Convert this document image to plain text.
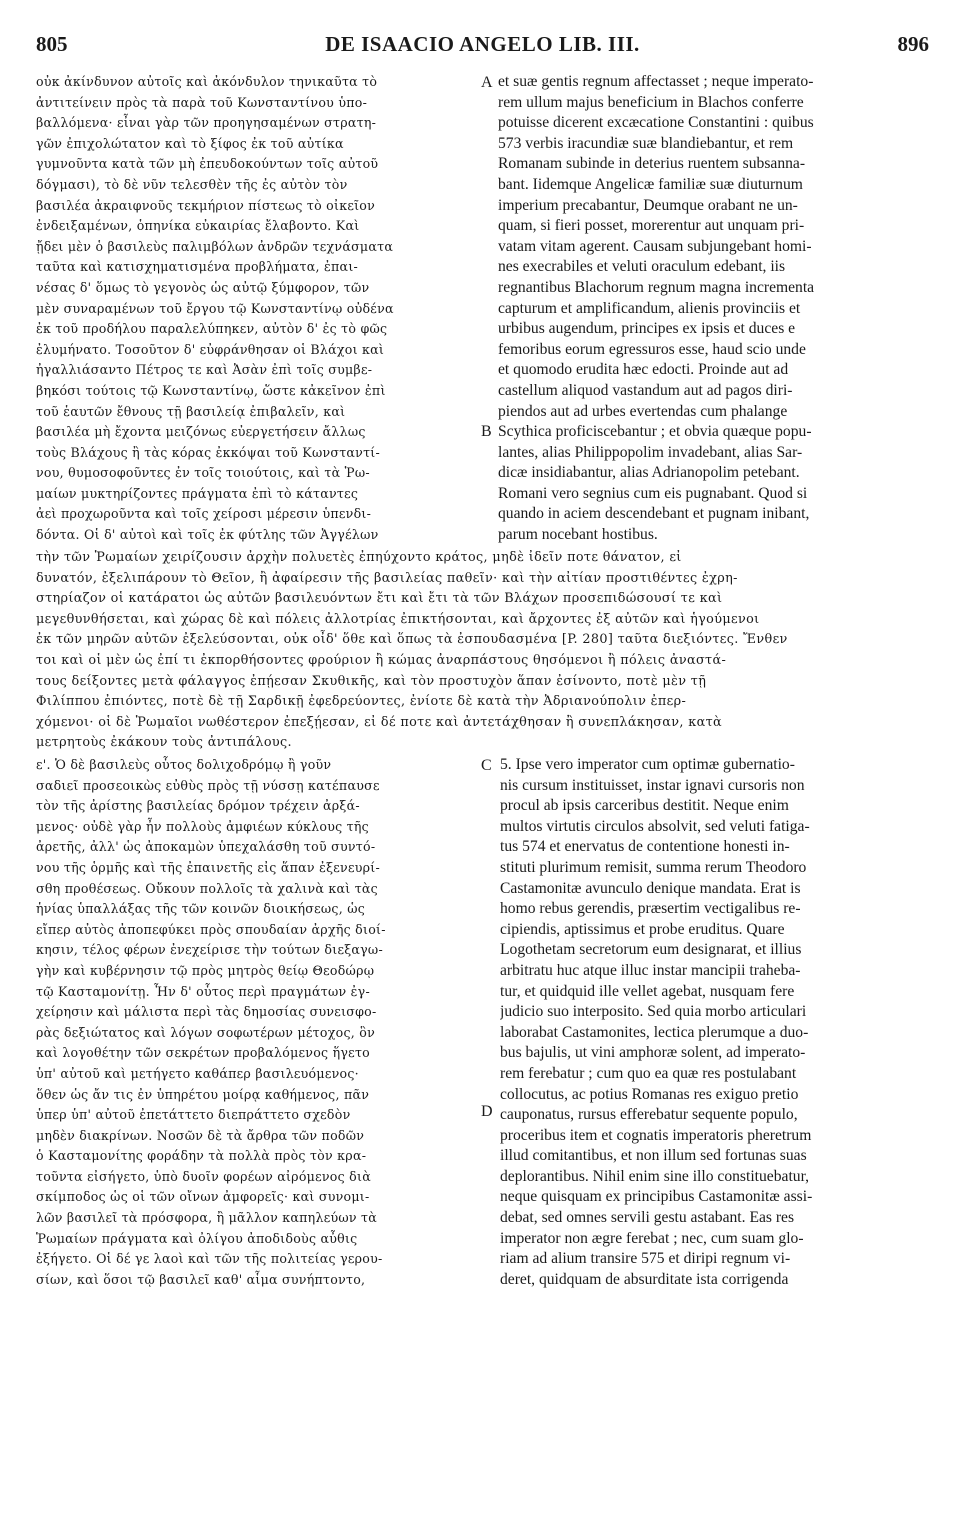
805	DE ISAACIO ANGELO LIB. III.	896
οὐκ ἀκίνδυνον αὐτοῖς καὶ ἀκόνδυλον τηνικαῦτα τὸ
ἀντιτείνειν πρὸς τὰ παρὰ τοῦ Κωνσταντίνου ὑπο-
βαλλόμενα· εἶναι γὰρ τῶν προηγησαμένων στρατη-
γῶν ἐπιχολώτατον καὶ τὸ ξίφος ἐκ τοῦ αὐτίκα
γυμνοῦντα κατὰ τῶν μὴ ἐπευδοκούντων τοῖς αὐτοῦ
δόγμασι), τὸ δὲ νῦν τελεσθὲν τῆς ἐς αὐτὸν τὸν
βασιλέα ἀκραιφνοῦς τεκμήριον πίστεως τὸ οἰκεῖον
ἐνδειξαμένων, ὁπηνίκα εὐκαιρίας ἔλαβοντο. Καὶ
ᾔδει μὲν ὁ βασιλεὺς παλιμβόλων ἀνδρῶν τεχνάσματα
ταῦτα καὶ κατισχηματισμένα προβλήματα, ἐπαι-
νέσας δ' ὅμως τὸ γεγονὸς ὡς αὐτῷ ξύμφορον, τῶν
μὲν συναραμένων τοῦ ἔργου τῷ Κωνσταντίνῳ οὐδένα
ἐκ τοῦ προδήλου παραλελύπηκεν, αὐτὸν δ' ἐς τὸ φῶς
ἐλυμήνατο. Τοσοῦτον δ' εὐφράνθησαν οἱ Βλάχοι καὶ
ἠγαλλιάσαντο Πέτρος τε καὶ Ἀσὰν ἐπὶ τοῖς συμβε-
βηκόσι τούτοις τῷ Κωνσταντίνῳ, ὥστε κἀκεῖνον ἐπὶ
τοῦ ἑαυτῶν ἔθνους τῇ βασιλείᾳ ἐπιβαλεῖν, καὶ
βασιλέα μὴ ἔχοντα μειζόνως εὐεργετήσειν ἄλλως
τοὺς Βλάχους ἢ τὰς κόρας ἐκκόψαι τοῦ Κωνσταντί-
νου, θυμοσοφοῦντες ἐν τοῖς τοιούτοις, καὶ τὰ Ῥω-
μαίων μυκτηρίζοντες πράγματα ἐπὶ τὸ κάταντες
ἀεὶ προχωροῦντα καὶ τοῖς χείροσι μέρεσιν ὑπενδι-
δόντα. Οἱ δ' αὐτοὶ καὶ τοῖς ἐκ φύτλης τῶν Ἀγγέλων
et suæ gentis regnum affectasset ; neque imperato-
rem ullum majus beneficium in Blachos conferre
potuisse dicerent excæcatione Constantini : quibus
573 verbis iracundiæ suæ blandiebantur, et rem
Romanam subinde in deterius ruentem subsanna-
bant. Iidemque Angelicæ familiæ suæ diuturnum
imperium precabantur, Deumque orabant ne un-
quam, si fieri posset, morerentur aut unquam pri-
vatam vitam agerent. Causam subjungebant homi-
nes execrabiles et veluti oraculum edebant, iis
regnantibus Blachorum regnum magna incrementa
capturum et amplificandum, alienis provinciis et
urbibus augendum, principes ex ipsis et duces e
femoribus eorum egressuros esse, haud scio unde
et quomodo erudita hæc edocti. Proinde aut ad
castellum aliquod vastandum aut ad pagos diri-
piendos aut ad urbes evertendas cum phalange
Scythica proficiscebantur ; et obvia quæque popu-
lantes, alias Philippopolim invadebant, alias Sar-
dicæ insidiabantur, alias Adrianopolim petebant.
Romani vero segnius cum eis pugnabant. Quod si
quando in aciem descendebant et pugnam inibant,
parum nocebant hostibus.
τὴν τῶν Ῥωμαίων χειρίζουσιν ἀρχὴν πολυετὲς ἐπηύχοντο κράτος, μηδὲ ἰδεῖν ποτε θάνατον, εἰ
δυνατόν, ἐξελιπάρουν τὸ Θεῖον, ἢ ἀφαίρεσιν τῆς βασιλείας παθεῖν· καὶ τὴν αἰτίαν προστιθέντες ἐχρη-
στηρίαζον οἱ κατάρατοι ὡς αὐτῶν βασιλευόντων ἔτι καὶ ἔτι τὰ τῶν Βλάχων προσεπιδώσουσί τε καὶ
μεγεθυνθήσεται, καὶ χώρας δὲ καὶ πόλεις ἀλλοτρίας ἐπικτήσονται, καὶ ἄρχοντες ἐξ αὐτῶν καὶ ἡγούμενοι
ἐκ τῶν μηρῶν αὐτῶν ἐξελεύσονται, οὐκ οἶδ' ὅθε καὶ ὅπως τὰ ἐσπουδασμένα [P. 280] ταῦτα διεξιόντες. Ἔνθεν
τοι καὶ οἱ μὲν ὡς ἐπί τι ἐκπορθήσοντες φρούριον ἢ κώμας ἀναρπάστους θησόμενοι ἢ πόλεις ἀναστά-
τους δείξοντες μετὰ φάλαγγος ἐπῄεσαν Σκυθικῆς, καὶ τὸν προστυχὸν ἅπαν ἐσίνοντο, ποτὲ μὲν τῇ
Φιλίππου ἐπιόντες, ποτὲ δὲ τῇ Σαρδικῇ ἐφεδρεύοντες, ἐνίοτε δὲ κατὰ τὴν Ἀδριανούπολιν ἐπερ-
χόμενοι· οἱ δὲ Ῥωμαῖοι νωθέστερον ἐπεξῄεσαν, εἰ δέ ποτε καὶ ἀντετάχθησαν ἢ συνεπλάκησαν, κατὰ
μετρητοὺς ἐκάκουν τοὺς ἀντιπάλους.
ε'. Ὁ δὲ βασιλεὺς οὗτος δολιχοδρόμῳ ἢ γοῦν
σαδιεῖ προσεοικὼς εὐθὺς πρὸς τῇ νύσσῃ κατέπαυσε
τὸν τῆς ἀρίστης βασιλείας δρόμον τρέχειν ἀρξά-
μενος· οὐδὲ γὰρ ἦν πολλοὺς ἀμφιέων κύκλους τῆς
ἀρετῆς, ἀλλ' ὡς ἀποκαμὼν ὑπεχαλάσθη τοῦ συντό-
νου τῆς ὁρμῆς καὶ τῆς ἐπαινετῆς εἰς ἅπαν ἐξενευρί-
σθη προθέσεως. Οὔκουν πολλοῖς τὰ χαλινὰ καὶ τὰς
ἡνίας ὑπαλλάξας τῆς τῶν κοινῶν διοικήσεως, ὡς
εἴπερ αὐτὸς ἀποπεφύκει πρὸς σπουδαίαν ἀρχῆς διοί-
κησιν, τέλος φέρων ἐνεχείρισε τὴν τούτων διεξαγω-
γὴν καὶ κυβέρνησιν τῷ πρὸς μητρὸς θείῳ Θεοδώρῳ
τῷ Κασταμονίτῃ. Ἦν δ' οὗτος περὶ πραγμάτων ἐγ-
χείρησιν καὶ μάλιστα περὶ τὰς δημοσίας συνεισφο-
ρὰς δεξιώτατος καὶ λόγων σοφωτέρων μέτοχος, ὃν
καὶ λογοθέτην τῶν σεκρέτων προβαλόμενος ἥγετο
ὑπ' αὐτοῦ καὶ μετήγετο καθάπερ βασιλευόμενος·
ὅθεν ὡς ἄν τις ἐν ὑπηρέτου μοίρᾳ καθήμενος, πᾶν
ὑπερ ὑπ' αὐτοῦ ἐπετάττετο διεπράττετο σχεδὸν
μηδὲν διακρίνων. Νοσῶν δὲ τὰ ἄρθρα τῶν ποδῶν
ὁ Κασταμονίτης φοράδην τὰ πολλὰ πρὸς τὸν κρα-
τοῦντα εἰσήγετο, ὑπὸ δυοῖν φορέων αἰρόμενος διὰ
σκίμποδος ὡς οἱ τῶν οἴνων ἀμφορεῖς· καὶ συνομι-
λῶν βασιλεῖ τὰ πρόσφορα, ἢ μᾶλλον καπηλεύων τὰ
Ῥωμαίων πράγματα καὶ ὀλίγου ἀποδιδοὺς αὖθις
ἐξήγετο. Οἱ δέ γε λαοὶ καὶ τῶν τῆς πολιτείας γερου-
σίων, καὶ ὅσοι τῷ βασιλεῖ καθ' αἷμα συνήπτοντο,
5. Ipse vero imperator cum optimæ gubernatio-
nis cursum instituisset, instar ignavi cursoris non
procul ab ipsis carceribus destitit. Neque enim
multos virtutis circulos absolvit, sed veluti fatiga-
tus 574 et enervatus de contentione honesti in-
stituti plurimum remisit, summa rerum Theodoro
Castamonitæ avunculo denique mandata. Erat is
homo rebus gerendis, præsertim vectigalibus re-
cipiendis, aptissimus et probe eruditus. Quare
Logothetam secretorum eum designarat, et illius
arbitratu huc atque illuc instar mancipii traheba-
tur, et quidquid ille vellet agebat, nusquam fere
judicio suo interposito. Sed quia morbo articulari
laborabat Castamonites, lectica plerumque a duo-
bus bajulis, ut vini amphoræ solent, ad imperato-
rem ferebatur ; cum quo ea quæ res postulabant
collocutus, ac potius Romanas res exiguo pretio
cauponatus, rursus efferebatur sequente populo,
proceribus item et cognatis imperatoris pheretrum
illud comitantibus, et non illum sed fortunas suas
deplorantibus. Nihil enim sine illo constituebatur,
neque quisquam ex principibus Castamonitæ assi-
debat, sed omnes servili gestu astabant. Eas res
imperator non ægre ferebat ; nec, cum suam glo-
riam ad alium transire 575 et diripi regnum vi-
deret, quidquam de absurditate ista corrigenda
A
B
C
D
